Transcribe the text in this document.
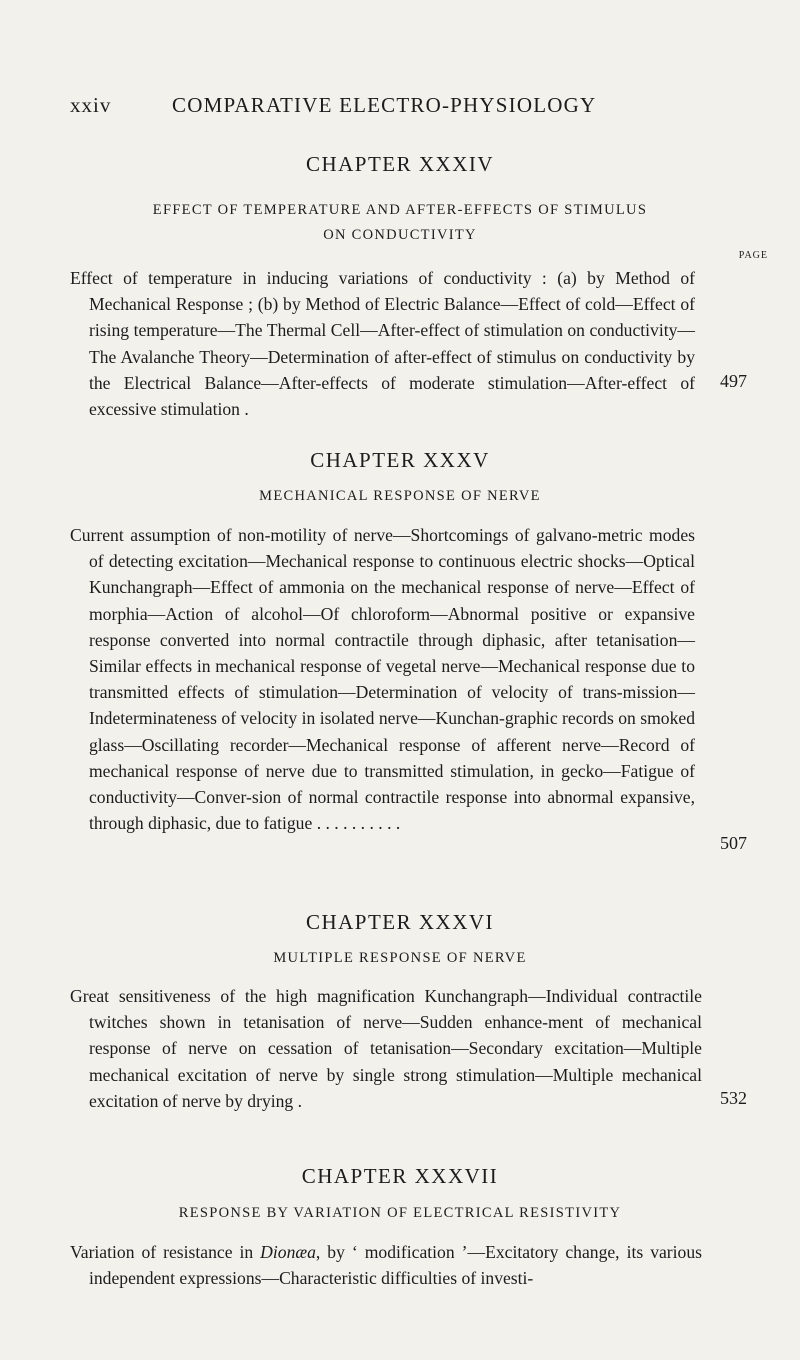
xxiv	COMPARATIVE ELECTRO-PHYSIOLOGY
CHAPTER XXXIV
EFFECT OF TEMPERATURE AND AFTER-EFFECTS OF STIMULUS
ON CONDUCTIVITY
PAGE
Effect of temperature in inducing variations of conductivity : (a) by Method of Mechanical Response ; (b) by Method of Electric Balance—Effect of cold—Effect of rising temperature—The Thermal Cell—After-effect of stimulation on conductivity—The Avalanche Theory—Determination of after-effect of stimulus on conductivity by the Electrical Balance—After-effects of moderate stimulation—After-effect of excessive stimulation .
497
CHAPTER XXXV
MECHANICAL RESPONSE OF NERVE
Current assumption of non-motility of nerve—Shortcomings of galvano-metric modes of detecting excitation—Mechanical response to continuous electric shocks—Optical Kunchangraph—Effect of ammonia on the mechanical response of nerve—Effect of morphia—Action of alcohol—Of chloroform—Abnormal positive or expansive response converted into normal contractile through diphasic, after tetanisation—Similar effects in mechanical response of vegetal nerve—Mechanical response due to transmitted effects of stimulation—Determination of velocity of trans-mission—Indeterminateness of velocity in isolated nerve—Kunchan-graphic records on smoked glass—Oscillating recorder—Mechanical response of afferent nerve—Record of mechanical response of nerve due to transmitted stimulation, in gecko—Fatigue of conductivity—Conver-sion of normal contractile response into abnormal expansive, through diphasic, due to fatigue . . . . . . . . . .
507
CHAPTER XXXVI
MULTIPLE RESPONSE OF NERVE
Great sensitiveness of the high magnification Kunchangraph—Individual contractile twitches shown in tetanisation of nerve—Sudden enhance-ment of mechanical response of nerve on cessation of tetanisation—Secondary excitation—Multiple mechanical excitation of nerve by single strong stimulation—Multiple mechanical excitation of nerve by drying .	532
CHAPTER XXXVII
RESPONSE BY VARIATION OF ELECTRICAL RESISTIVITY
Variation of resistance in Dionæa, by ‘ modification ’—Excitatory change, its various independent expressions—Characteristic difficulties of investi-
